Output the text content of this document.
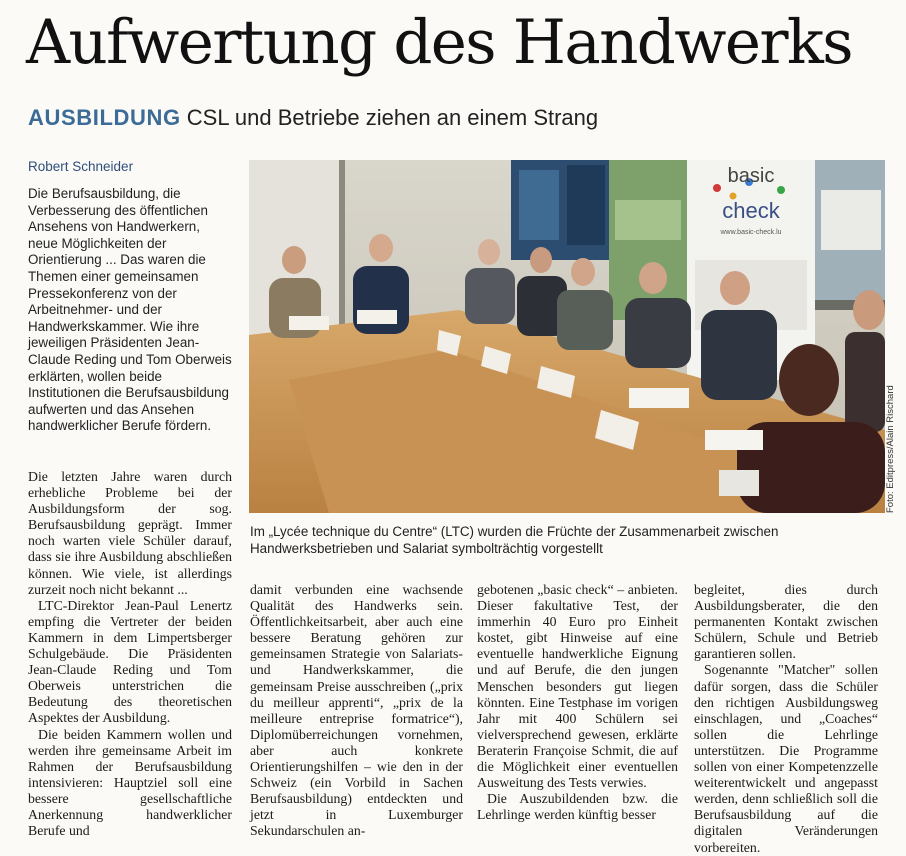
Aufwertung des Handwerks
AUSBILDUNG CSL und Betriebe ziehen an einem Strang
Robert Schneider

Die Berufsausbildung, die Verbesserung des öffentlichen Ansehens von Handwerkern, neue Möglichkeiten der Orientierung ... Das waren die Themen einer gemeinsamen Pressekonferenz von der Arbeitnehmer- und der Handwerkskammer. Wie ihre jeweiligen Präsidenten Jean-Claude Reding und Tom Oberweis erklärten, wollen beide Institutionen die Berufsausbildung aufwerten und das Ansehen handwerklicher Berufe fördern.

basic
check
www.basic-check.lu
Foto: Editpress/Alain Rischard
Im „Lycée technique du Centre“ (LTC) wurden die Früchte der Zusammenarbeit zwischen Handwerksbetrieben und Salariat symbolträchtig vorgestellt

Die letzten Jahre waren durch erhebliche Probleme bei der Ausbildungsform der sog. Berufsausbildung geprägt. Immer noch warten viele Schüler darauf, dass sie ihre Ausbildung abschließen können. Wie viele, ist allerdings zurzeit noch nicht bekannt ...

LTC-Direktor Jean-Paul Lenertz empfing die Vertreter der beiden Kammern in dem Limpertsberger Schulgebäude. Die Präsidenten Jean-Claude Reding und Tom Oberweis unterstrichen die Bedeutung des theoretischen Aspektes der Ausbildung.

Die beiden Kammern wollen und werden ihre gemeinsame Arbeit im Rahmen der Berufsausbildung intensivieren: Hauptziel soll eine bessere gesellschaftliche Anerkennung handwerklicher Berufe und

damit verbunden eine wachsende Qualität des Handwerks sein. Öffentlichkeitsarbeit, aber auch eine bessere Beratung gehören zur gemeinsamen Strategie von Salariats- und Handwerkskammer, die gemeinsam Preise ausschreiben („prix du meilleur apprenti“, „prix de la meilleure entreprise formatrice“), Diplomüberreichungen vornehmen, aber auch konkrete Orientierungshilfen – wie den in der Schweiz (ein Vorbild in Sachen Berufsausbildung) entdeckten und jetzt in Luxemburger Sekundarschulen an-

gebotenen „basic check“ – anbieten. Dieser fakultative Test, der immerhin 40 Euro pro Einheit kostet, gibt Hinweise auf eine eventuelle handwerkliche Eignung und auf Berufe, die den jungen Menschen besonders gut liegen könnten. Eine Testphase im vorigen Jahr mit 400 Schülern sei vielversprechend gewesen, erklärte Beraterin Françoise Schmit, die auf die Möglichkeit einer eventuellen Ausweitung des Tests verwies.

Die Auszubildenden bzw. die Lehrlinge werden künftig besser

begleitet, dies durch Ausbildungsberater, die den permanenten Kontakt zwischen Schülern, Schule und Betrieb garantieren sollen.

Sogenannte "Matcher" sollen dafür sorgen, dass die Schüler den richtigen Ausbildungsweg einschlagen, und „Coaches“ sollen die Lehrlinge unterstützen. Die Programme sollen von einer Kompetenzzelle weiterentwickelt und angepasst werden, denn schließlich soll die Berufsausbildung auf die digitalen Veränderungen vorbereiten.
